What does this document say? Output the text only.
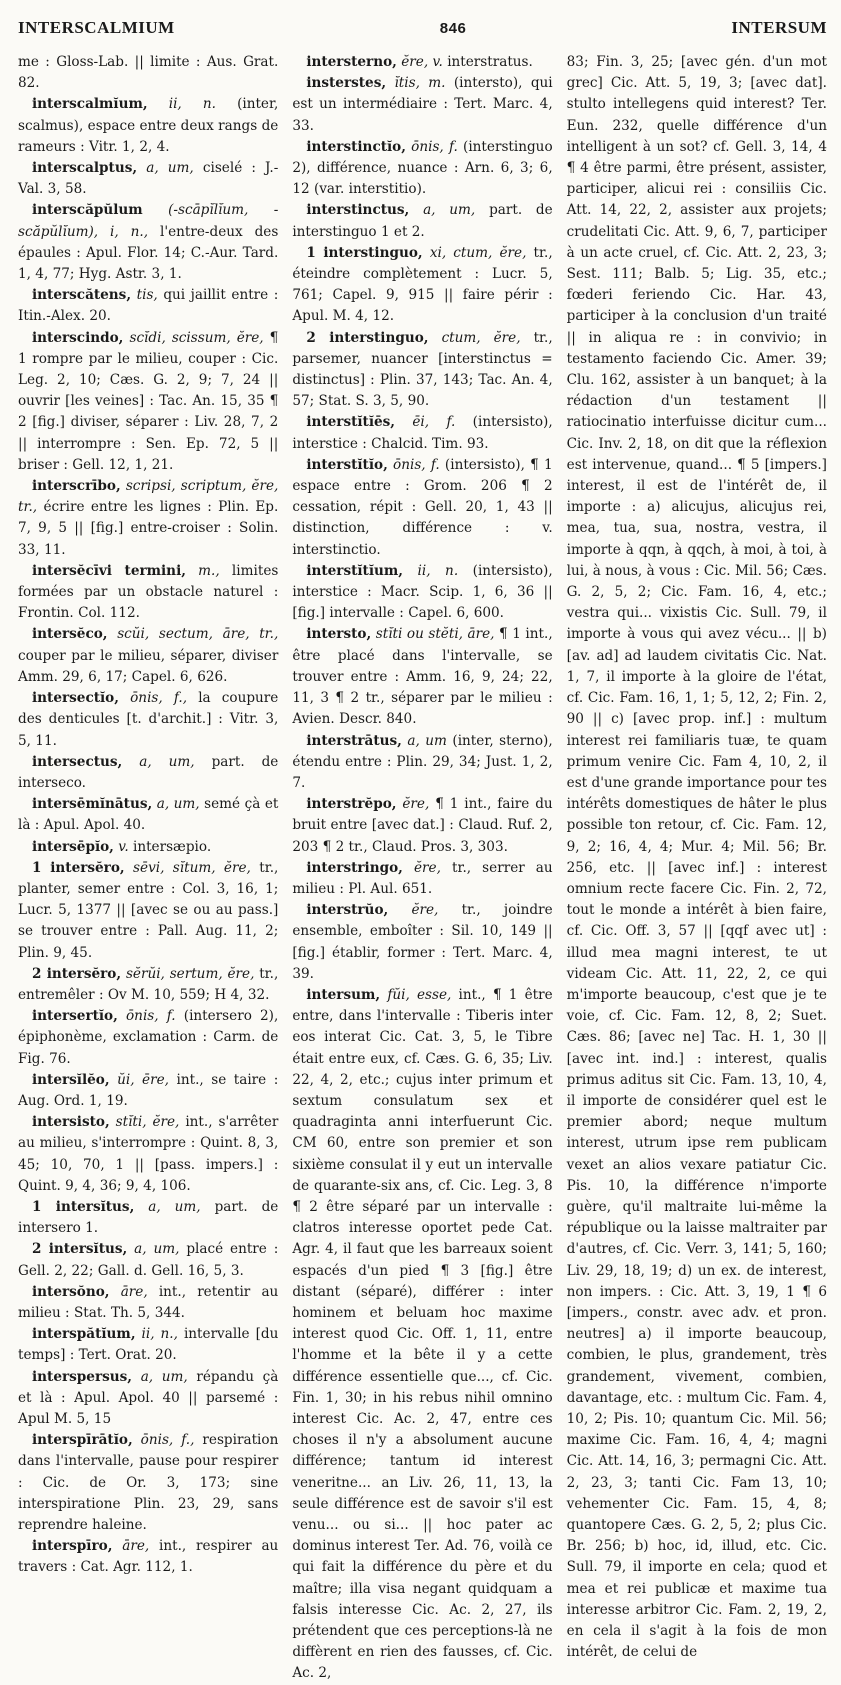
INTERSCALMIUM	846	INTERSUM

me : Gloss-Lab. || limite : Aus. Grat. 82.

interscalmĭum, ii, n. (inter, scalmus), espace entre deux rangs de rameurs : Vitr. 1, 2, 4.

interscalptus, a, um, ciselé : J.-Val. 3, 58.

interscăpŭlum (-scāpĭlĭum, -scăpŭlĭum), i, n., l'entre-deux des épaules : Apul. Flor. 14; C.-Aur. Tard. 1, 4, 77; Hyg. Astr. 3, 1.

interscătens, tis, qui jaillit entre : Itin.-Alex. 20.

interscindo, scĭdi, scissum, ĕre, ¶ 1 rompre par le milieu, couper : Cic. Leg. 2, 10; Cæs. G. 2, 9; 7, 24 || ouvrir [les veines] : Tac. An. 15, 35 ¶ 2 [fig.] diviser, séparer : Liv. 28, 7, 2 || interrompre : Sen. Ep. 72, 5 || briser : Gell. 12, 1, 21.

interscrībo, scripsi, scriptum, ĕre, tr., écrire entre les lignes : Plin. Ep. 7, 9, 5 || [fig.] entre-croiser : Solin. 33, 11.

intersĕcīvi termini, m., limites formées par un obstacle naturel : Frontin. Col. 112.

intersĕco, scŭi, sectum, āre, tr., couper par le milieu, séparer, diviser Amm. 29, 6, 17; Capel. 6, 626.

intersectĭo, ōnis, f., la coupure des denticules [t. d'archit.] : Vitr. 3, 5, 11.

intersectus, a, um, part. de interseco.

intersēmĭnātus, a, um, semé çà et là : Apul. Apol. 40.

intersēpĭo, v. intersæpio.

1 intersĕro, sēvi, sĭtum, ĕre, tr., planter, semer entre : Col. 3, 16, 1; Lucr. 5, 1377 || [avec se ou au pass.] se trouver entre : Pall. Aug. 11, 2; Plin. 9, 45.

2 intersĕro, sĕrŭi, sertum, ĕre, tr., entremêler : Ov M. 10, 559; H 4, 32.

intersertĭo, ōnis, f. (intersero 2), épiphonème, exclamation : Carm. de Fig. 76.

intersĭlĕo, ŭi, ēre, int., se taire : Aug. Ord. 1, 19.

intersisto, stĭti, ĕre, int., s'arrêter au milieu, s'interrompre : Quint. 8, 3, 45; 10, 70, 1 || [pass. impers.] : Quint. 9, 4, 36; 9, 4, 106.

1 intersĭtus, a, um, part. de intersero 1.

2 intersĭtus, a, um, placé entre : Gell. 2, 22; Gall. d. Gell. 16, 5, 3.

intersŏno, āre, int., retentir au milieu : Stat. Th. 5, 344.

interspătĭum, ii, n., intervalle [du temps] : Tert. Orat. 20.

interspersus, a, um, répandu çà et là : Apul. Apol. 40 || parsemé : Apul M. 5, 15

interspīrātĭo, ōnis, f., respiration dans l'intervalle, pause pour respirer : Cic. de Or. 3, 173; sine interspiratione Plin. 23, 29, sans reprendre haleine.

interspīro, āre, int., respirer au travers : Cat. Agr. 112, 1.

intersterno, ĕre, v. interstratus.

insterstes, ĭtis, m. (intersto), qui est un intermédiaire : Tert. Marc. 4, 33.

interstinctĭo, ōnis, f. (interstinguo 2), différence, nuance : Arn. 6, 3; 6, 12 (var. interstitio).

interstinctus, a, um, part. de interstinguo 1 et 2.

1 interstinguo, xi, ctum, ĕre, tr., éteindre complètement : Lucr. 5, 761; Capel. 9, 915 || faire périr : Apul. M. 4, 12.

2 interstinguo, ctum, ĕre, tr., parsemer, nuancer [interstinctus = distinctus] : Plin. 37, 143; Tac. An. 4, 57; Stat. S. 3, 5, 90.

interstĭtĭēs, ēi, f. (intersisto), interstice : Chalcid. Tim. 93.

interstĭtĭo, ōnis, f. (intersisto), ¶ 1 espace entre : Grom. 206 ¶ 2 cessation, répit : Gell. 20, 1, 43 || distinction, différence : v. interstinctio.

interstĭtĭum, ii, n. (intersisto), interstice : Macr. Scip. 1, 6, 36 || [fig.] intervalle : Capel. 6, 600.

intersto, stĭti ou stĕti, āre, ¶ 1 int., être placé dans l'intervalle, se trouver entre : Amm. 16, 9, 24; 22, 11, 3 ¶ 2 tr., séparer par le milieu : Avien. Descr. 840.

interstrātus, a, um (inter, sterno), étendu entre : Plin. 29, 34; Just. 1, 2, 7.

interstrĕpo, ĕre, ¶ 1 int., faire du bruit entre [avec dat.] : Claud. Ruf. 2, 203 ¶ 2 tr., Claud. Pros. 3, 303.

interstringo, ĕre, tr., serrer au milieu : Pl. Aul. 651.

interstrŭo, ĕre, tr., joindre ensemble, emboîter : Sil. 10, 149 || [fig.] établir, former : Tert. Marc. 4, 39.

intersum, fŭi, esse, int., ¶ 1 être entre, dans l'intervalle : Tiberis inter eos interat Cic. Cat. 3, 5, le Tibre était entre eux, cf. Cæs. G. 6, 35; Liv. 22, 4, 2, etc.; cujus inter primum et sextum consulatum sex et quadraginta anni interfuerunt Cic. CM 60, entre son premier et son sixième consulat il y eut un intervalle de quarante-six ans, cf. Cic. Leg. 3, 8 ¶ 2 être séparé par un intervalle : clatros interesse oportet pede Cat. Agr. 4, il faut que les barreaux soient espacés d'un pied ¶ 3 [fig.] être distant (séparé), différer : inter hominem et beluam hoc maxime interest quod Cic. Off. 1, 11, entre l'homme et la bête il y a cette différence essentielle que..., cf. Cic. Fin. 1, 30; in his rebus nihil omnino interest Cic. Ac. 2, 47, entre ces choses il n'y a absolument aucune différence; tantum id interest veneritne... an Liv. 26, 11, 13, la seule différence est de savoir s'il est venu... ou si... || hoc pater ac dominus interest Ter. Ad. 76, voilà ce qui fait la différence du père et du maître; illa visa negant quidquam a falsis interesse Cic. Ac. 2, 27, ils prétendent que ces perceptions-là ne diffèrent en rien des fausses, cf. Cic. Ac. 2,

83; Fin. 3, 25; [avec gén. d'un mot grec] Cic. Att. 5, 19, 3; [avec dat]. stulto intellegens quid interest? Ter. Eun. 232, quelle différence d'un intelligent à un sot? cf. Gell. 3, 14, 4 ¶ 4 être parmi, être présent, assister, participer, alicui rei : consiliis Cic. Att. 14, 22, 2, assister aux projets; crudelitati Cic. Att. 9, 6, 7, participer à un acte cruel, cf. Cic. Att. 2, 23, 3; Sest. 111; Balb. 5; Lig. 35, etc.; fœderi feriendo Cic. Har. 43, participer à la conclusion d'un traité || in aliqua re : in convivio; in testamento faciendo Cic. Amer. 39; Clu. 162, assister à un banquet; à la rédaction d'un testament || ratiocinatio interfuisse dicitur cum... Cic. Inv. 2, 18, on dit que la réflexion est intervenue, quand... ¶ 5 [impers.] interest, il est de l'intérêt de, il importe : a) alicujus, alicujus rei, mea, tua, sua, nostra, vestra, il importe à qqn, à qqch, à moi, à toi, à lui, à nous, à vous : Cic. Mil. 56; Cæs. G. 2, 5, 2; Cic. Fam. 16, 4, etc.; vestra qui... vixistis Cic. Sull. 79, il importe à vous qui avez vécu... || b) [av. ad] ad laudem civitatis Cic. Nat. 1, 7, il importe à la gloire de l'état, cf. Cic. Fam. 16, 1, 1; 5, 12, 2; Fin. 2, 90 || c) [avec prop. inf.] : multum interest rei familiaris tuæ, te quam primum venire Cic. Fam 4, 10, 2, il est d'une grande importance pour tes intérêts domestiques de hâter le plus possible ton retour, cf. Cic. Fam. 12, 9, 2; 16, 4, 4; Mur. 4; Mil. 56; Br. 256, etc. || [avec inf.] : interest omnium recte facere Cic. Fin. 2, 72, tout le monde a intérêt à bien faire, cf. Cic. Off. 3, 57 || [qqf avec ut] : illud mea magni interest, te ut videam Cic. Att. 11, 22, 2, ce qui m'importe beaucoup, c'est que je te voie, cf. Cic. Fam. 12, 8, 2; Suet. Cæs. 86; [avec ne] Tac. H. 1, 30 || [avec int. ind.] : interest, qualis primus aditus sit Cic. Fam. 13, 10, 4, il importe de considérer quel est le premier abord; neque multum interest, utrum ipse rem publicam vexet an alios vexare patiatur Cic. Pis. 10, la différence n'importe guère, qu'il maltraite lui-même la république ou la laisse maltraiter par d'autres, cf. Cic. Verr. 3, 141; 5, 160; Liv. 29, 18, 19; d) un ex. de interest, non impers. : Cic. Att. 3, 19, 1 ¶ 6 [impers., constr. avec adv. et pron. neutres] a) il importe beaucoup, combien, le plus, grandement, très grandement, vivement, combien, davantage, etc. : multum Cic. Fam. 4, 10, 2; Pis. 10; quantum Cic. Mil. 56; maxime Cic. Fam. 16, 4, 4; magni Cic. Att. 14, 16, 3; permagni Cic. Att. 2, 23, 3; tanti Cic. Fam 13, 10; vehementer Cic. Fam. 15, 4, 8; quantopere Cæs. G. 2, 5, 2; plus Cic. Br. 256; b) hoc, id, illud, etc. Cic. Sull. 79, il importe en cela; quod et mea et rei publicæ et maxime tua interesse arbitror Cic. Fam. 2, 19, 2, en cela il s'agit à la fois de mon intérêt, de celui de
